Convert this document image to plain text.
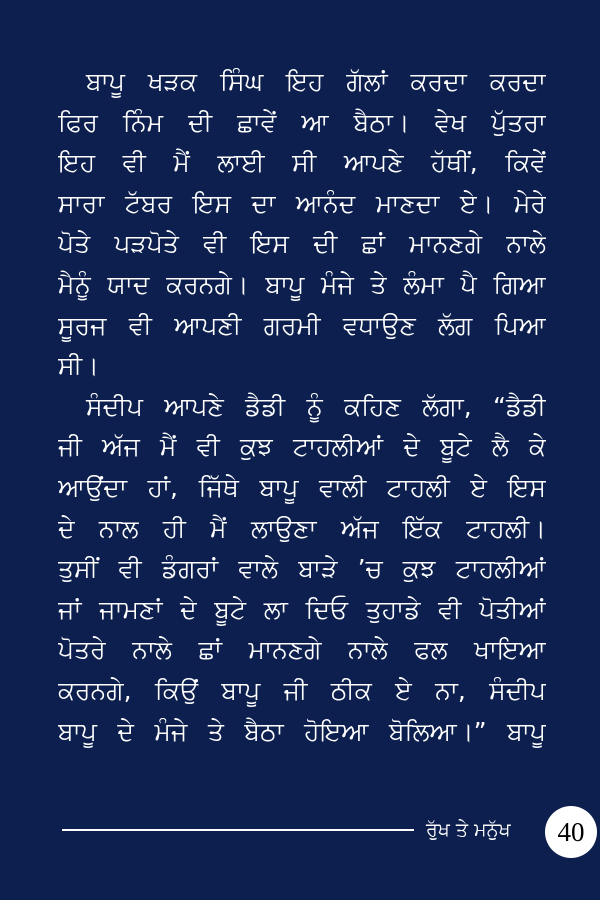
ਬਾਪੂ ਖੜਕ ਸਿੰਘ ਇਹ ਗੱਲਾਂ ਕਰਦਾ ਕਰਦਾ
ਫਿਰ ਨਿੰਮ ਦੀ ਛਾਵੇਂ ਆ ਬੈਠਾ। ਵੇਖ ਪੁੱਤਰਾ
ਇਹ ਵੀ ਮੈਂ ਲਾਈ ਸੀ ਆਪਣੇ ਹੱਥੀਂ, ਕਿਵੇਂ
ਸਾਰਾ ਟੱਬਰ ਇਸ ਦਾ ਆਨੰਦ ਮਾਣਦਾ ਏ। ਮੇਰੇ
ਪੋਤੇ ਪੜਪੋਤੇ ਵੀ ਇਸ ਦੀ ਛਾਂ ਮਾਨਣਗੇ ਨਾਲੇ
ਮੈਨੂੰ ਯਾਦ ਕਰਨਗੇ। ਬਾਪੂ ਮੰਜੇ ਤੇ ਲੰਮਾ ਪੈ ਗਿਆ
ਸੂਰਜ ਵੀ ਆਪਣੀ ਗਰਮੀ ਵਧਾਉਣ ਲੱਗ ਪਿਆ
ਸੀ।
ਸੰਦੀਪ ਆਪਣੇ ਡੈਡੀ ਨੂੰ ਕਹਿਣ ਲੱਗਾ, “ਡੈਡੀ
ਜੀ ਅੱਜ ਮੈਂ ਵੀ ਕੁਝ ਟਾਹਲੀਆਂ ਦੇ ਬੂਟੇ ਲੈ ਕੇ
ਆਉਂਦਾ ਹਾਂ, ਜਿੱਥੇ ਬਾਪੂ ਵਾਲੀ ਟਾਹਲੀ ਏ ਇਸ
ਦੇ ਨਾਲ ਹੀ ਮੈਂ ਲਾਉਣਾ ਅੱਜ ਇੱਕ ਟਾਹਲੀ।
ਤੁਸੀਂ ਵੀ ਡੰਗਰਾਂ ਵਾਲੇ ਬਾੜੇ ’ਚ ਕੁਝ ਟਾਹਲੀਆਂ
ਜਾਂ ਜਾਮਣਾਂ ਦੇ ਬੂਟੇ ਲਾ ਦਿਓ ਤੁਹਾਡੇ ਵੀ ਪੋਤੀਆਂ
ਪੋਤਰੇ ਨਾਲੇ ਛਾਂ ਮਾਨਣਗੇ ਨਾਲੇ ਫਲ ਖਾਇਆ
ਕਰਨਗੇ, ਕਿਉਂ ਬਾਪੂ ਜੀ ਠੀਕ ਏ ਨਾ, ਸੰਦੀਪ
ਬਾਪੂ ਦੇ ਮੰਜੇ ਤੇ ਬੈਠਾ ਹੋਇਆ ਬੋਲਿਆ।” ਬਾਪੂ
ਰੁੱਖ ਤੇ ਮਨੁੱਖ	40
